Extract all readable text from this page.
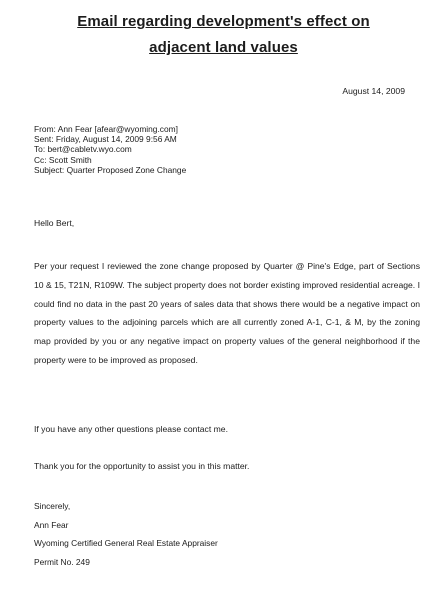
Email regarding development's effect on
adjacent land values
August 14, 2009
From: Ann Fear [afear@wyoming.com]
Sent: Friday, August 14, 2009 9:56 AM
To: bert@cabletv.wyo.com
Cc: Scott Smith
Subject: Quarter Proposed Zone Change
Hello Bert,

Per your request I reviewed the zone change proposed by Quarter @ Pine's Edge, part of Sections 10 & 15, T21N, R109W. The subject property does not border existing improved residential acreage. I could find no data in the past 20 years of sales data that shows there would be a negative impact on property values to the adjoining parcels which are all currently zoned A-1, C-1, & M, by the zoning map provided by you or any negative impact on property values of the general neighborhood if the property were to be improved as proposed.

If you have any other questions please contact me.
Thank you for the opportunity to assist you in this matter.
Sincerely,
Ann Fear
Wyoming Certified General Real Estate Appraiser
Permit No. 249
